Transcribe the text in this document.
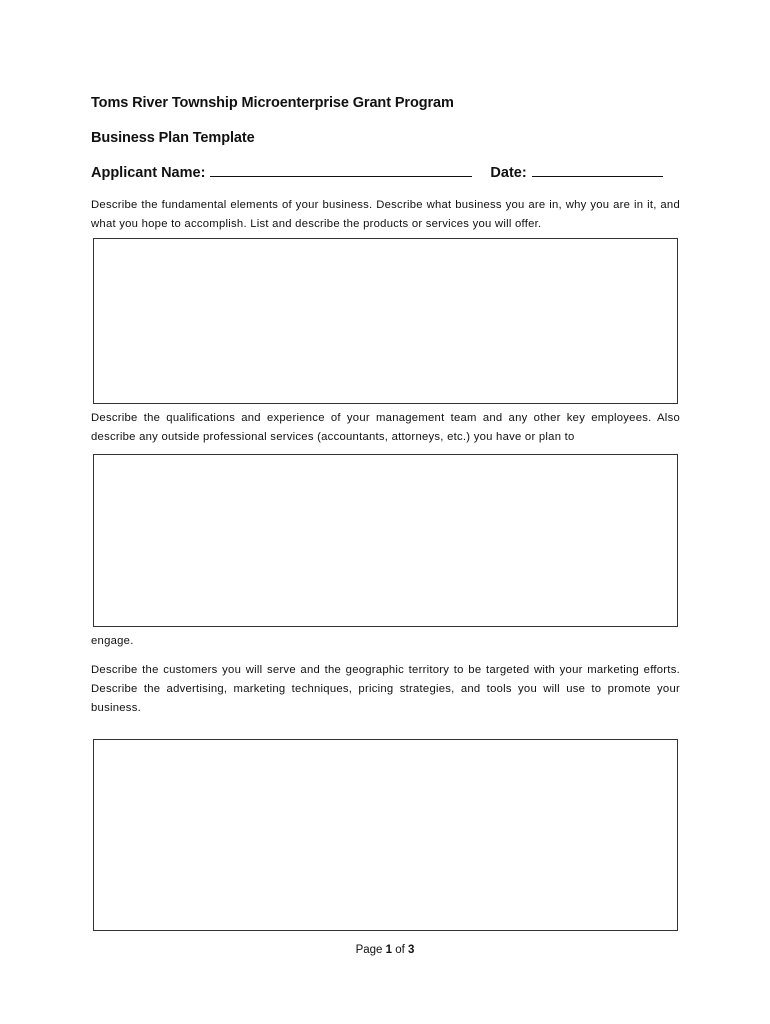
Toms River Township Microenterprise Grant Program
Business Plan Template
Applicant Name:	Date:
Describe the fundamental elements of your business. Describe what business you are in, why you are in it, and what you hope to accomplish. List and describe the products or services you will offer.
Describe the qualifications and experience of your management team and any other key employees. Also describe any outside professional services (accountants, attorneys, etc.) you have or plan to
engage.
Describe the customers you will serve and the geographic territory to be targeted with your marketing efforts. Describe the advertising, marketing techniques, pricing strategies, and tools you will use to promote your business.
Page 1 of 3
